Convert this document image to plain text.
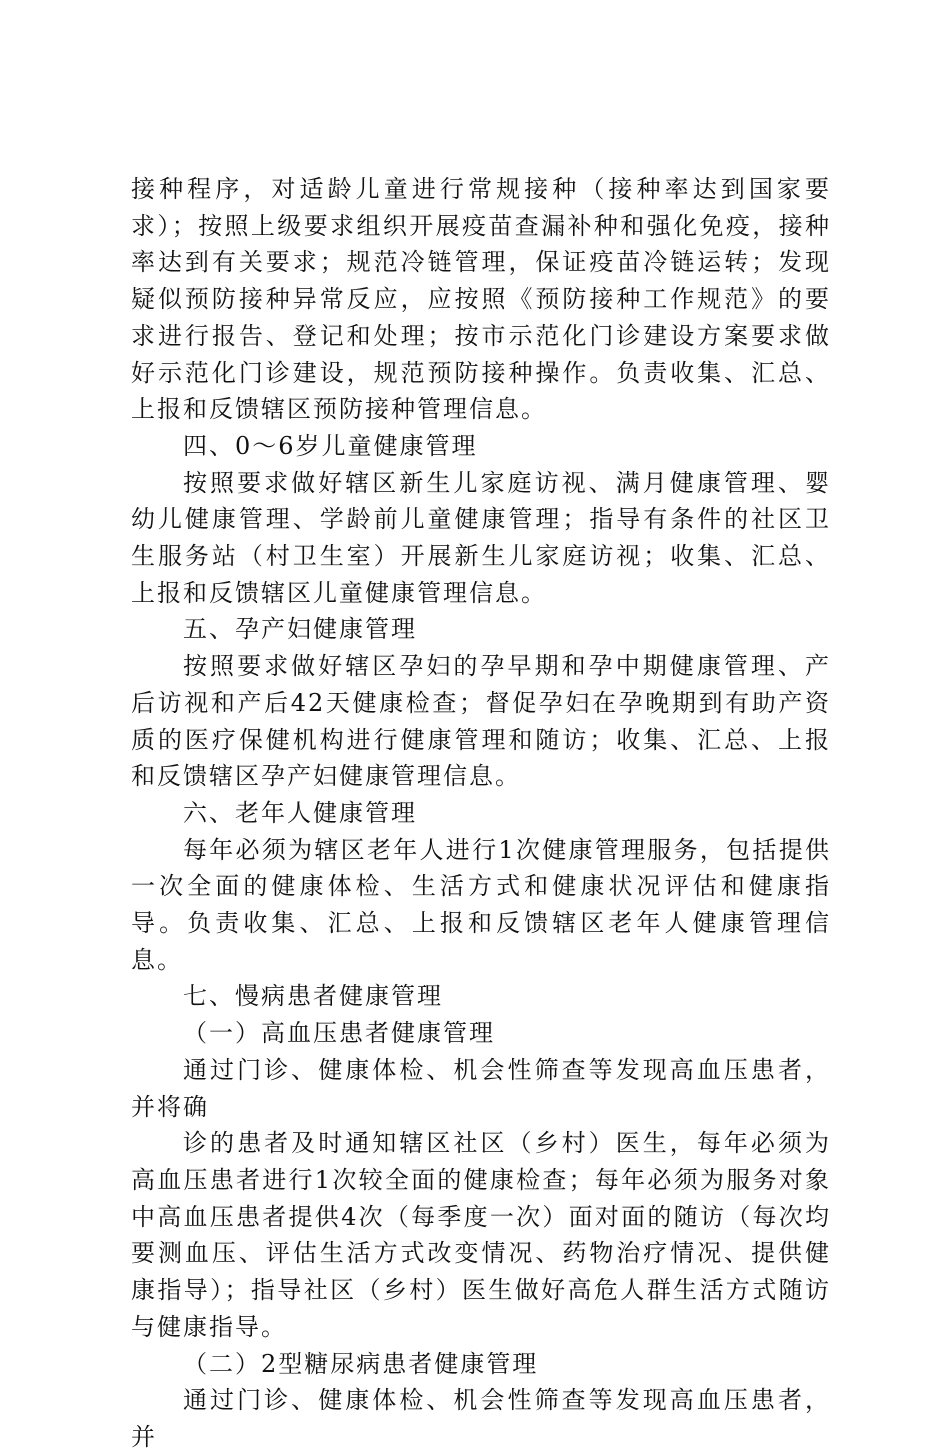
接种程序，对适龄儿童进行常规接种（接种率达到国家要求）；按照上级要求组织开展疫苗查漏补种和强化免疫，接种率达到有关要求；规范冷链管理，保证疫苗冷链运转；发现疑似预防接种异常反应，应按照《预防接种工作规范》的要求进行报告、登记和处理；按市示范化门诊建设方案要求做好示范化门诊建设，规范预防接种操作。负责收集、汇总、上报和反馈辖区预防接种管理信息。

四、0～6岁儿童健康管理

按照要求做好辖区新生儿家庭访视、满月健康管理、婴幼儿健康管理、学龄前儿童健康管理；指导有条件的社区卫生服务站（村卫生室）开展新生儿家庭访视；收集、汇总、上报和反馈辖区儿童健康管理信息。

五、孕产妇健康管理

按照要求做好辖区孕妇的孕早期和孕中期健康管理、产后访视和产后42天健康检查；督促孕妇在孕晚期到有助产资质的医疗保健机构进行健康管理和随访；收集、汇总、上报和反馈辖区孕产妇健康管理信息。

六、老年人健康管理

每年必须为辖区老年人进行1次健康管理服务，包括提供一次全面的健康体检、生活方式和健康状况评估和健康指导。负责收集、汇总、上报和反馈辖区老年人健康管理信息。

七、慢病患者健康管理

（一）高血压患者健康管理

通过门诊、健康体检、机会性筛查等发现高血压患者，并将确

诊的患者及时通知辖区社区（乡村）医生，每年必须为高血压患者进行1次较全面的健康检查；每年必须为服务对象中高血压患者提供4次（每季度一次）面对面的随访（每次均要测血压、评估生活方式改变情况、药物治疗情况、提供健康指导）；指导社区（乡村）医生做好高危人群生活方式随访与健康指导。

（二）2型糖尿病患者健康管理

通过门诊、健康体检、机会性筛查等发现高血压患者，并
